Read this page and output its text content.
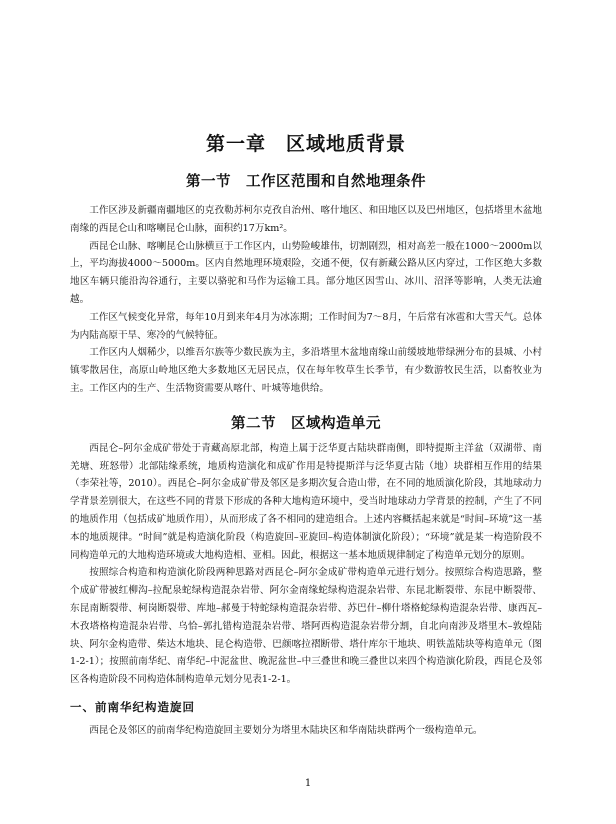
第一章　区域地质背景
第一节　工作区范围和自然地理条件

工作区涉及新疆南疆地区的克孜勒苏柯尔克孜自治州、喀什地区、和田地区以及巴州地区，包括塔里木盆地南缘的西昆仑山和喀喇昆仑山脉，面积约17万km²。

西昆仑山脉、喀喇昆仑山脉横亘于工作区内，山势险峻雄伟，切割剧烈，相对高差一般在1000～2000m以上，平均海拔4000～5000m。区内自然地理环境艰险，交通不便，仅有新藏公路从区内穿过，工作区绝大多数地区车辆只能沿沟谷通行，主要以骆驼和马作为运输工具。部分地区因雪山、冰川、沼泽等影响，人类无法逾越。

工作区气候变化异常，每年10月到来年4月为冰冻期；工作时间为7～8月，午后常有冰雹和大雪天气。总体为内陆高原干旱、寒冷的气候特征。

工作区内人烟稀少，以维吾尔族等少数民族为主，多沿塔里木盆地南缘山前缓坡地带绿洲分布的县城、小村镇零散居住，高原山岭地区绝大多数地区无居民点，仅在每年牧草生长季节，有少数游牧民生活，以畜牧业为主。工作区内的生产、生活物资需要从喀什、叶城等地供给。

第二节　区域构造单元

西昆仑–阿尔金成矿带处于青藏高原北部，构造上属于泛华夏古陆块群南侧，即特提斯主洋盆（双湖带、南羌塘、班怒带）北部陆缘系统，地质构造演化和成矿作用是特提斯洋与泛华夏古陆（地）块群相互作用的结果（李荣社等，2010）。西昆仑–阿尔金成矿带及邻区是多期次复合造山带，在不同的地质演化阶段，其地球动力学背景差别很大，在这些不同的背景下形成的各种大地构造环境中，受当时地球动力学背景的控制，产生了不同的地质作用（包括成矿地质作用），从而形成了各不相同的建造组合。上述内容概括起来就是“时间–环境”这一基本的地质规律。“时间”就是构造演化阶段（构造旋回–亚旋回–构造体制演化阶段）；“环境”就是某一构造阶段不同构造单元的大地构造环境或大地构造相、亚相。因此，根据这一基本地质规律制定了构造单元划分的原则。

按照综合构造和构造演化阶段两种思路对西昆仑–阿尔金成矿带构造单元进行划分。按照综合构造思路，整个成矿带被红柳沟–拉配泉蛇绿构造混杂岩带、阿尔金南缘蛇绿构造混杂岩带、东昆北断裂带、东昆中断裂带、东昆南断裂带、柯岗断裂带、库地–郝曼于特蛇绿构造混杂岩带、苏巴什–柳什塔格蛇绿构造混杂岩带、康西瓦–木孜塔格构造混杂岩带、乌恰–郭扎错构造混杂岩带、塔阿西构造混杂岩带分割，自北向南涉及塔里木–敦煌陆块、阿尔金构造带、柴达木地块、昆仑构造带、巴颜喀拉褶断带、塔什库尔干地块、明铁盖陆块等构造单元（图1-2-1）；按照前南华纪、南华纪–中泥盆世、晚泥盆世–中三叠世和晚三叠世以来四个构造演化阶段，西昆仑及邻区各构造阶段不同构造体制构造单元划分见表1-2-1。

一、前南华纪构造旋回

西昆仑及邻区的前南华纪构造旋回主要划分为塔里木陆块区和华南陆块群两个一级构造单元。

1
